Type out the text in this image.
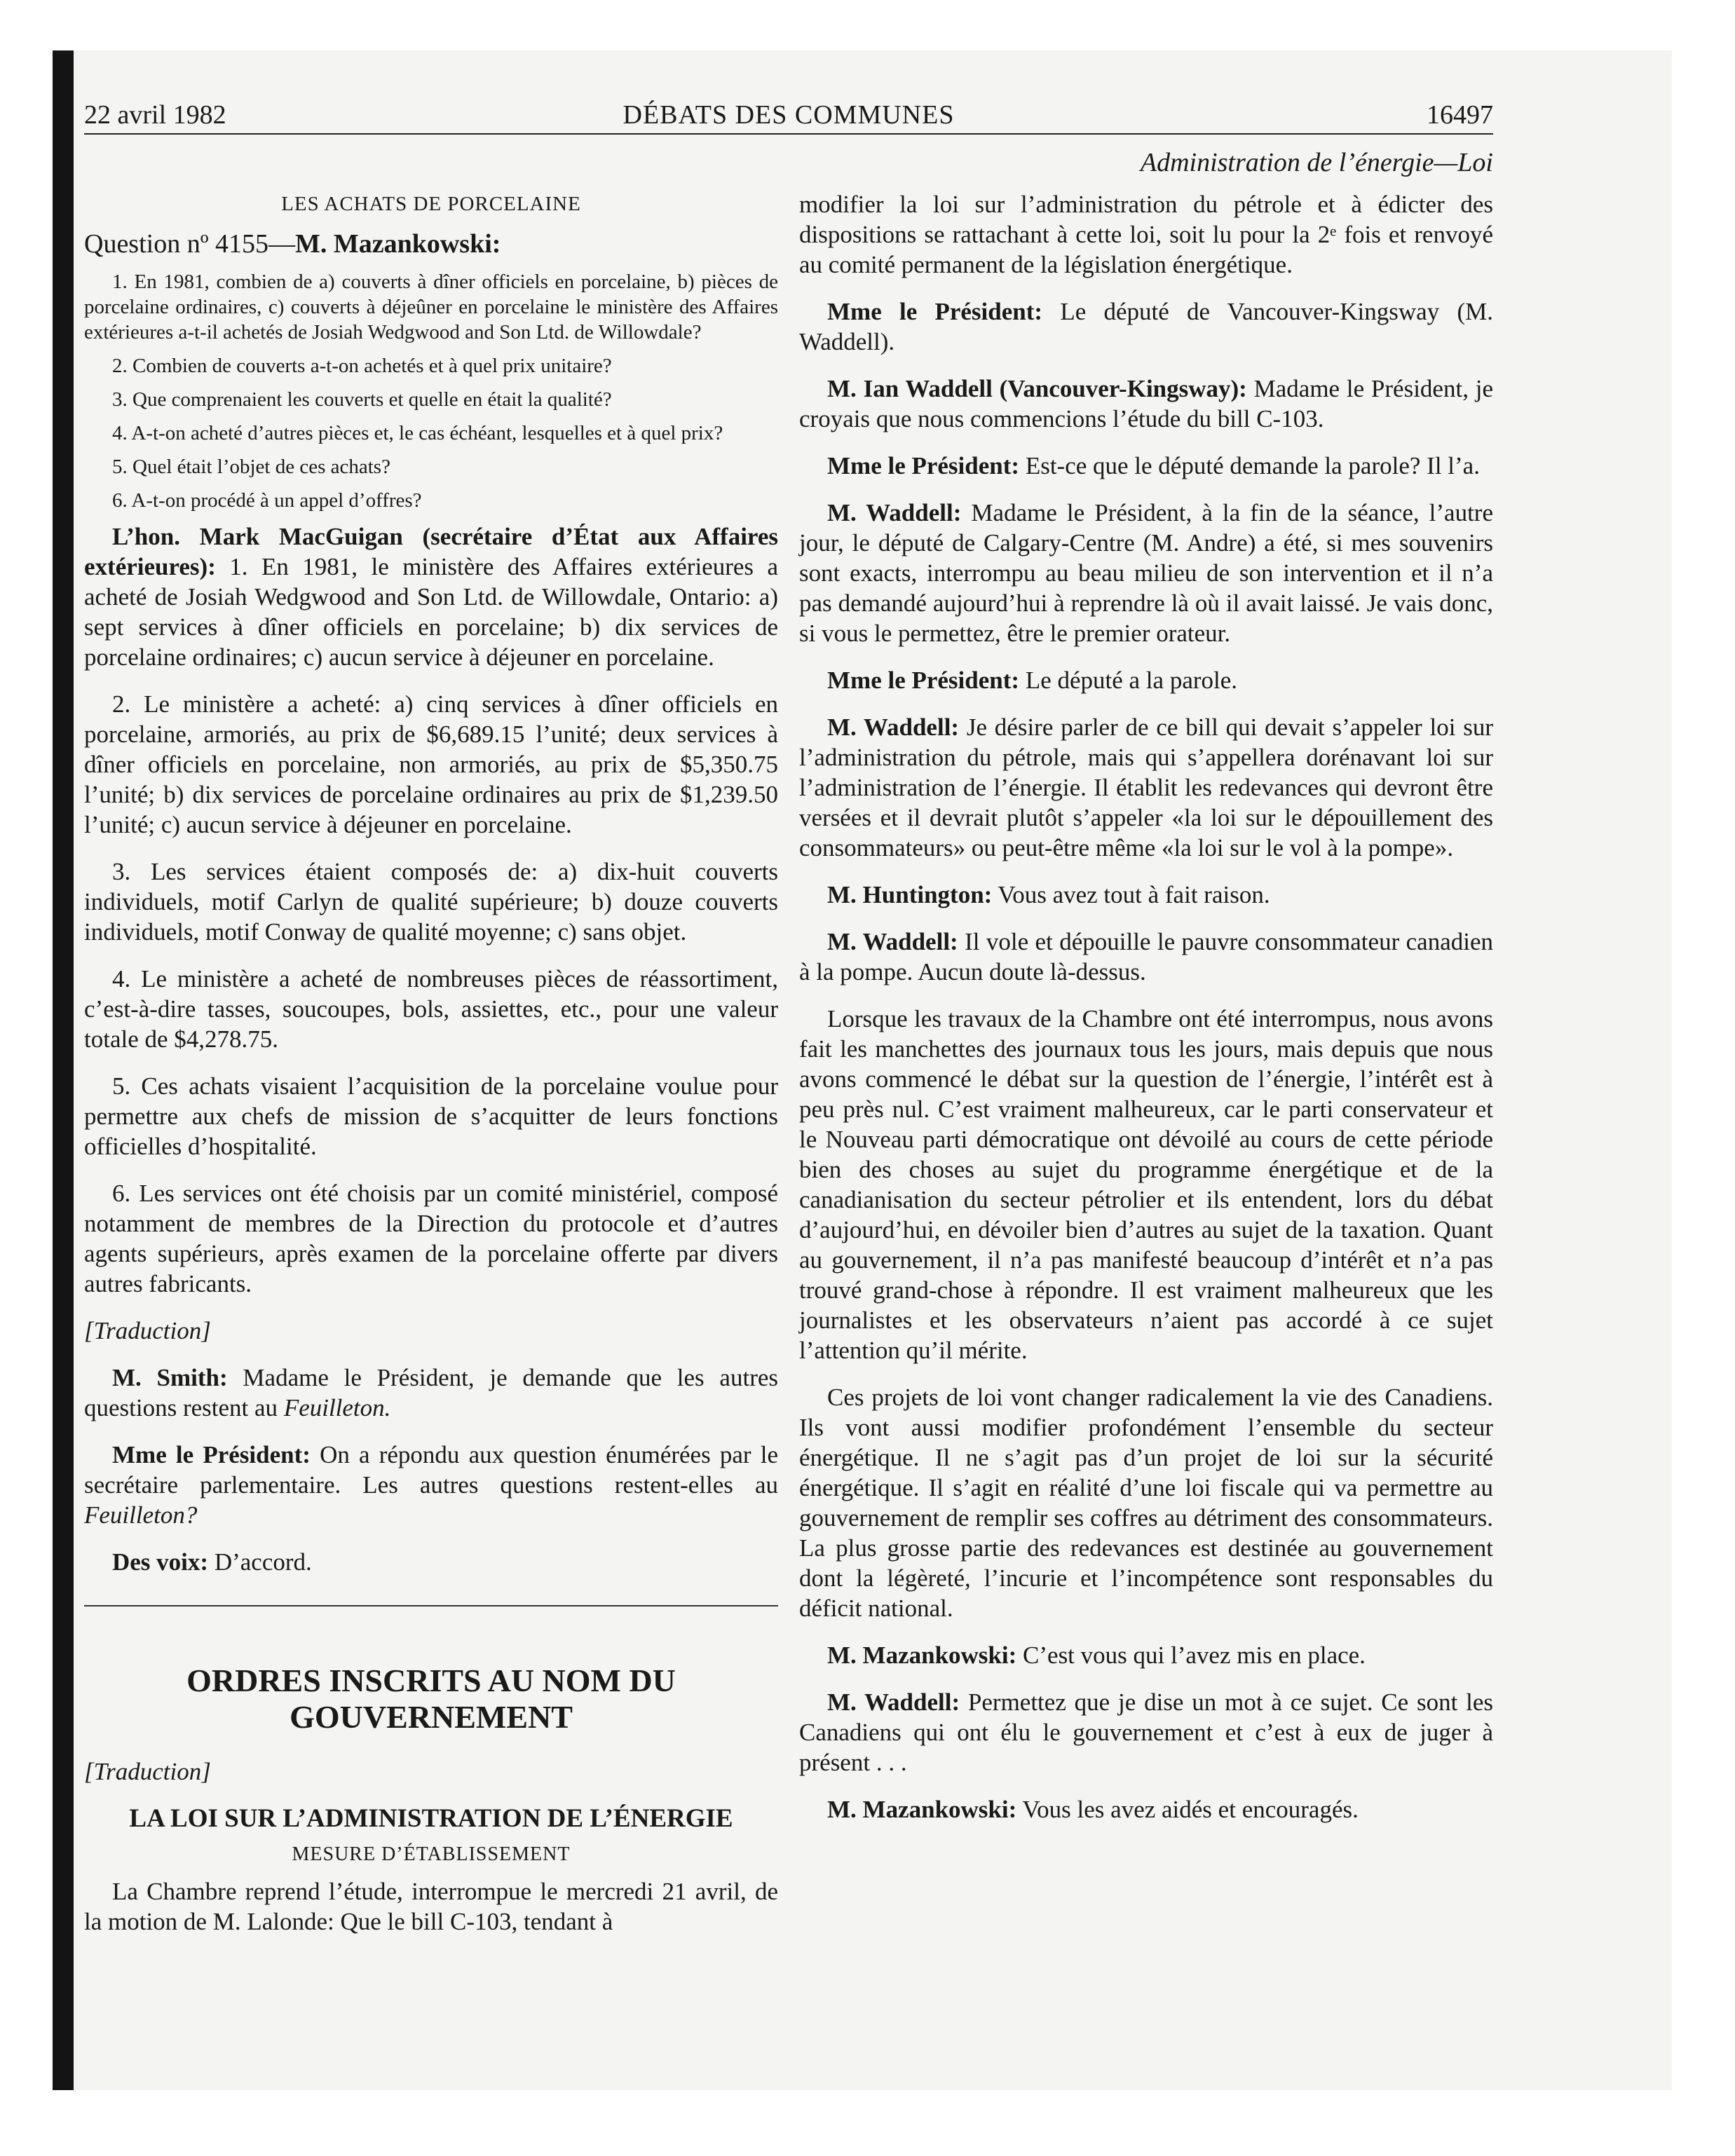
22 avril 1982	DÉBATS DES COMMUNES	16497
Administration de l’énergie—Loi
LES ACHATS DE PORCELAINE
Question nº 4155—M. Mazankowski:

1. En 1981, combien de a) couverts à dîner officiels en porcelaine, b) pièces de porcelaine ordinaires, c) couverts à déjeûner en porcelaine le ministère des Affaires extérieures a-t-il achetés de Josiah Wedgwood and Son Ltd. de Willowdale?

2. Combien de couverts a-t-on achetés et à quel prix unitaire?

3. Que comprenaient les couverts et quelle en était la qualité?

4. A-t-on acheté d’autres pièces et, le cas échéant, lesquelles et à quel prix?

5. Quel était l’objet de ces achats?

6. A-t-on procédé à un appel d’offres?

L’hon. Mark MacGuigan (secrétaire d’État aux Affaires extérieures): 1. En 1981, le ministère des Affaires extérieures a acheté de Josiah Wedgwood and Son Ltd. de Willowdale, Ontario: a) sept services à dîner officiels en porcelaine; b) dix services de porcelaine ordinaires; c) aucun service à déjeuner en porcelaine.

2. Le ministère a acheté: a) cinq services à dîner officiels en porcelaine, armoriés, au prix de $6,689.15 l’unité; deux services à dîner officiels en porcelaine, non armoriés, au prix de $5,350.75 l’unité; b) dix services de porcelaine ordinaires au prix de $1,239.50 l’unité; c) aucun service à déjeuner en porcelaine.

3. Les services étaient composés de: a) dix-huit couverts individuels, motif Carlyn de qualité supérieure; b) douze couverts individuels, motif Conway de qualité moyenne; c) sans objet.

4. Le ministère a acheté de nombreuses pièces de réassortiment, c’est-à-dire tasses, soucoupes, bols, assiettes, etc., pour une valeur totale de $4,278.75.

5. Ces achats visaient l’acquisition de la porcelaine voulue pour permettre aux chefs de mission de s’acquitter de leurs fonctions officielles d’hospitalité.

6. Les services ont été choisis par un comité ministériel, composé notamment de membres de la Direction du protocole et d’autres agents supérieurs, après examen de la porcelaine offerte par divers autres fabricants.

[Traduction]

M. Smith: Madame le Président, je demande que les autres questions restent au Feuilleton.

Mme le Président: On a répondu aux question énumérées par le secrétaire parlementaire. Les autres questions restent-elles au Feuilleton?

Des voix: D’accord.

ORDRES INSCRITS AU NOM DU GOUVERNEMENT

[Traduction]

LA LOI SUR L’ADMINISTRATION DE L’ÉNERGIE
MESURE D’ÉTABLISSEMENT

La Chambre reprend l’étude, interrompue le mercredi 21 avril, de la motion de M. Lalonde: Que le bill C-103, tendant à

modifier la loi sur l’administration du pétrole et à édicter des dispositions se rattachant à cette loi, soit lu pour la 2ᵉ fois et renvoyé au comité permanent de la législation énergétique.

Mme le Président: Le député de Vancouver-Kingsway (M. Waddell).

M. Ian Waddell (Vancouver-Kingsway): Madame le Président, je croyais que nous commencions l’étude du bill C-103.

Mme le Président: Est-ce que le député demande la parole? Il l’a.

M. Waddell: Madame le Président, à la fin de la séance, l’autre jour, le député de Calgary-Centre (M. Andre) a été, si mes souvenirs sont exacts, interrompu au beau milieu de son intervention et il n’a pas demandé aujourd’hui à reprendre là où il avait laissé. Je vais donc, si vous le permettez, être le premier orateur.

Mme le Président: Le député a la parole.

M. Waddell: Je désire parler de ce bill qui devait s’appeler loi sur l’administration du pétrole, mais qui s’appellera dorénavant loi sur l’administration de l’énergie. Il établit les redevances qui devront être versées et il devrait plutôt s’appeler «la loi sur le dépouillement des consommateurs» ou peut-être même «la loi sur le vol à la pompe».

M. Huntington: Vous avez tout à fait raison.

M. Waddell: Il vole et dépouille le pauvre consommateur canadien à la pompe. Aucun doute là-dessus.

Lorsque les travaux de la Chambre ont été interrompus, nous avons fait les manchettes des journaux tous les jours, mais depuis que nous avons commencé le débat sur la question de l’énergie, l’intérêt est à peu près nul. C’est vraiment malheureux, car le parti conservateur et le Nouveau parti démocratique ont dévoilé au cours de cette période bien des choses au sujet du programme énergétique et de la canadianisation du secteur pétrolier et ils entendent, lors du débat d’aujourd’hui, en dévoiler bien d’autres au sujet de la taxation. Quant au gouvernement, il n’a pas manifesté beaucoup d’intérêt et n’a pas trouvé grand-chose à répondre. Il est vraiment malheureux que les journalistes et les observateurs n’aient pas accordé à ce sujet l’attention qu’il mérite.

Ces projets de loi vont changer radicalement la vie des Canadiens. Ils vont aussi modifier profondément l’ensemble du secteur énergétique. Il ne s’agit pas d’un projet de loi sur la sécurité énergétique. Il s’agit en réalité d’une loi fiscale qui va permettre au gouvernement de remplir ses coffres au détriment des consommateurs. La plus grosse partie des redevances est destinée au gouvernement dont la légèreté, l’incurie et l’incompétence sont responsables du déficit national.

M. Mazankowski: C’est vous qui l’avez mis en place.

M. Waddell: Permettez que je dise un mot à ce sujet. Ce sont les Canadiens qui ont élu le gouvernement et c’est à eux de juger à présent . . .

M. Mazankowski: Vous les avez aidés et encouragés.
